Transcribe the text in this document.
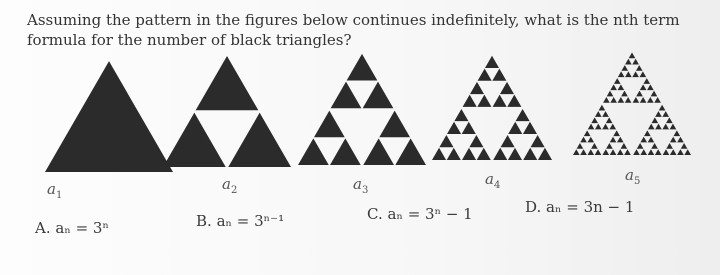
Assuming the pattern in the figures below continues indefinitely, what is the nth term
formula for the number of black triangles?
$a_1$
$a_2$	$a_3$
$a_4$
$a_5$
A. aₙ = 3ⁿ	B. aₙ = 3ⁿ⁻¹	C. aₙ = 3ⁿ − 1	D. aₙ = 3n − 1
